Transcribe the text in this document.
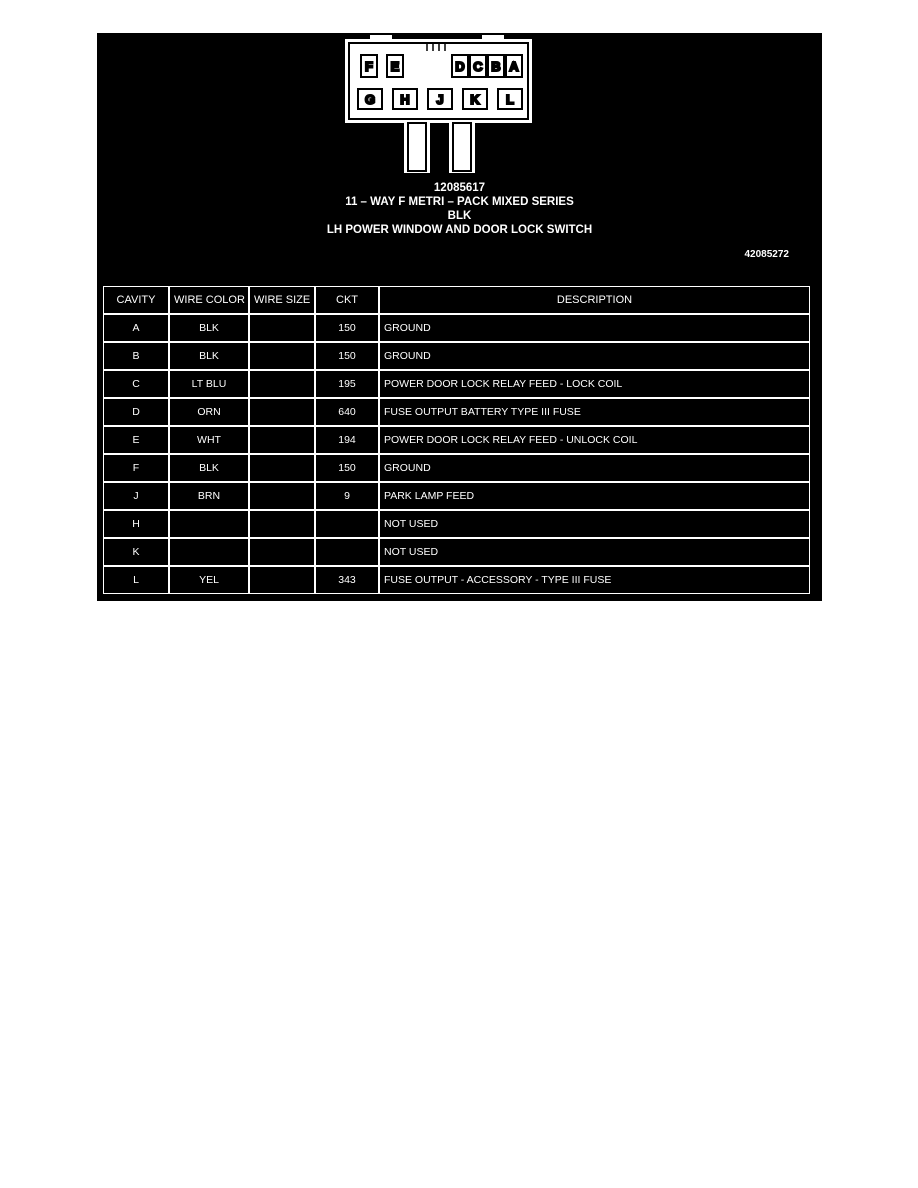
F E	D C B A
G H J K L
12085617
11 – WAY F METRI – PACK MIXED SERIES
BLK
LH POWER WINDOW AND DOOR LOCK SWITCH
42085272
CAVITY	WIRE COLOR	WIRE SIZE	CKT	DESCRIPTION
A	BLK		150	GROUND
B	BLK		150	GROUND
C	LT BLU		195	POWER DOOR LOCK RELAY FEED - LOCK COIL
D	ORN		640	FUSE OUTPUT BATTERY TYPE III FUSE
E	WHT		194	POWER DOOR LOCK RELAY FEED - UNLOCK COIL
F	BLK		150	GROUND
J	BRN		9	PARK LAMP FEED
H				NOT USED
K				NOT USED
L	YEL		343	FUSE OUTPUT - ACCESSORY - TYPE III FUSE
